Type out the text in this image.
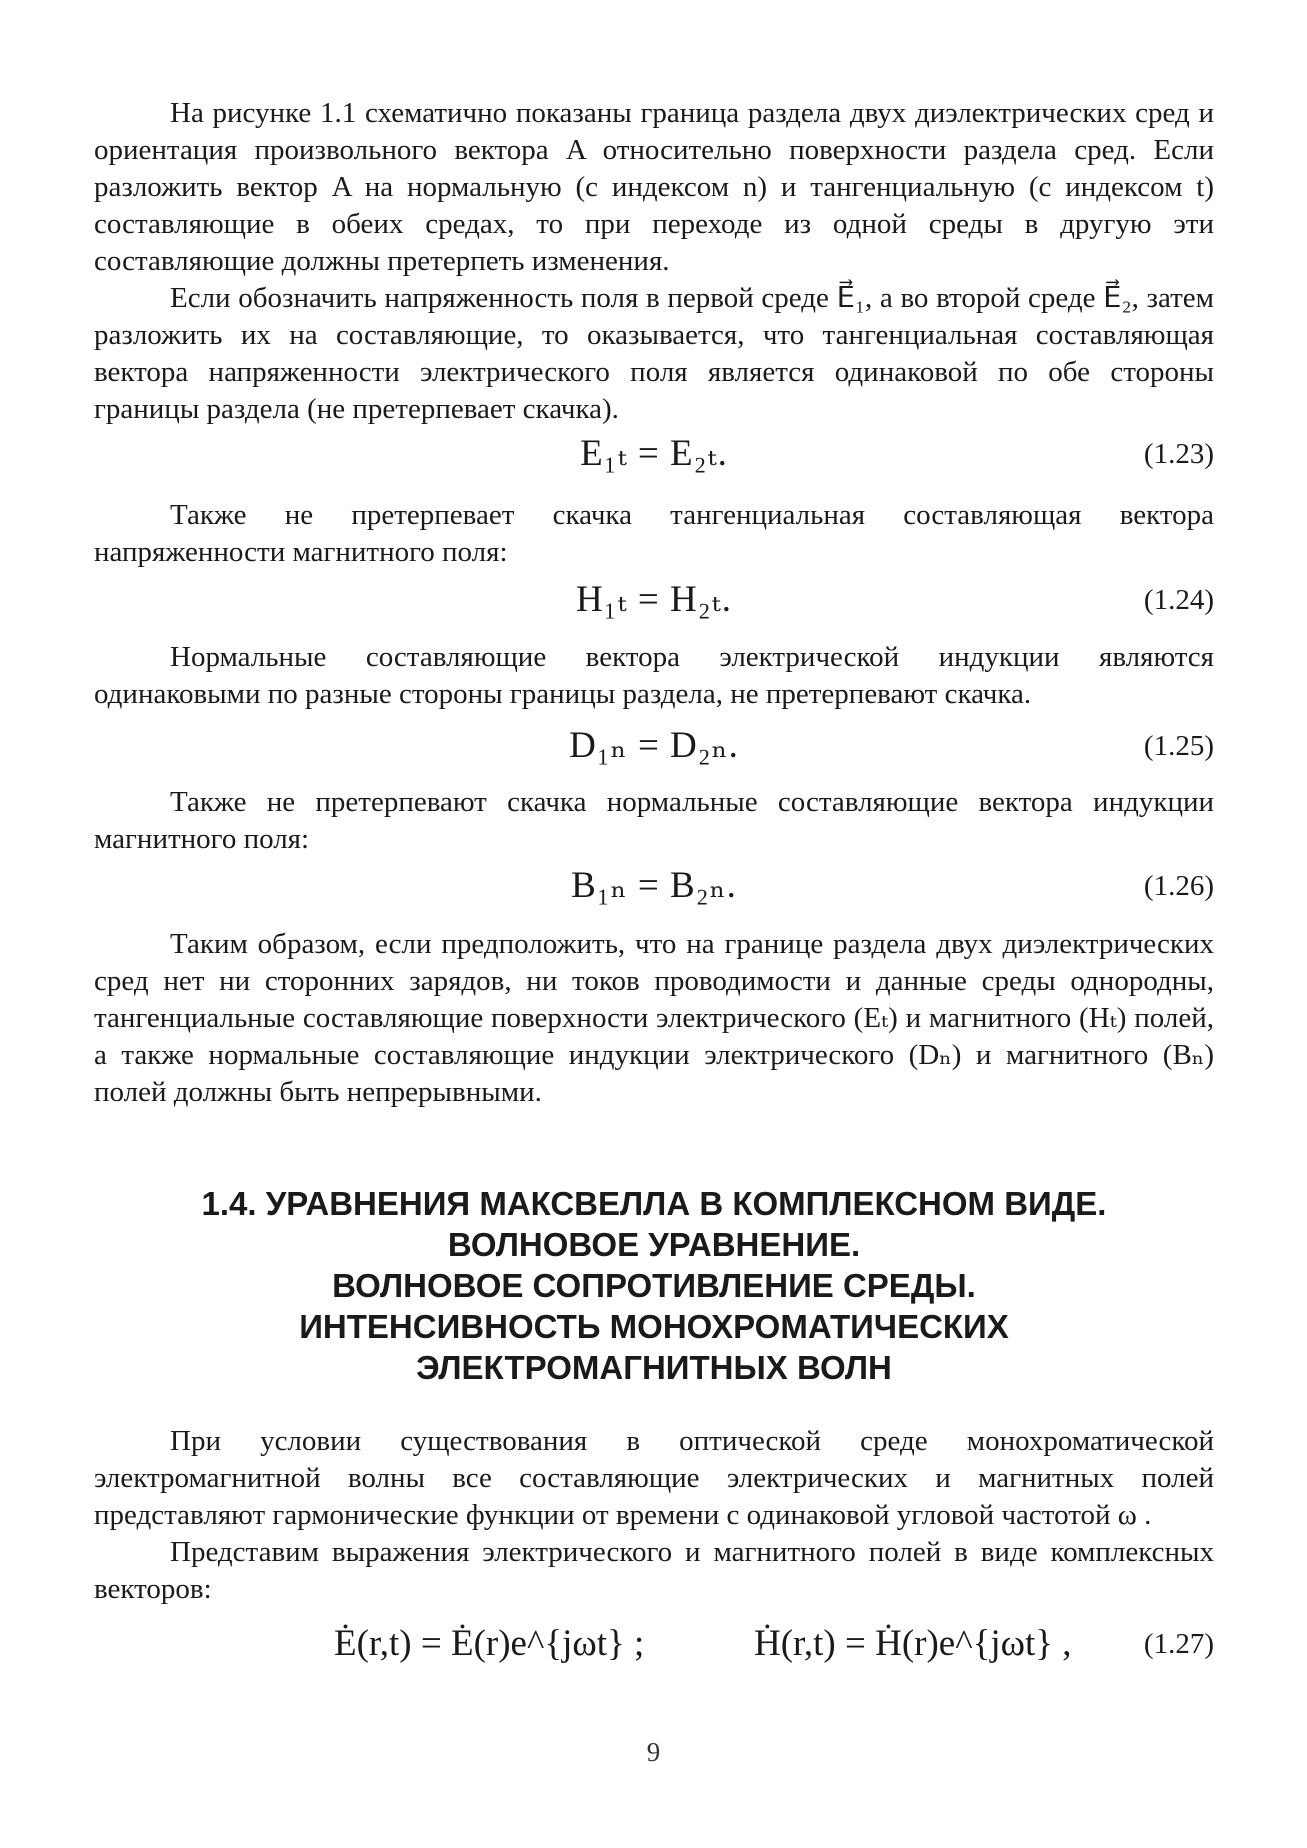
На рисунке 1.1 схематично показаны граница раздела двух диэлектрических сред и ориентация произвольного вектора A относительно поверхности раздела сред. Если разложить вектор A на нормальную (с индексом n) и тангенциальную (с индексом t) составляющие в обеих средах, то при переходе из одной среды в другую эти составляющие должны претерпеть изменения.

Если обозначить напряженность поля в первой среде E⃗₁, а во второй среде E⃗₂, затем разложить их на составляющие, то оказывается, что тангенциальная составляющая вектора напряженности электрического поля является одинаковой по обе стороны границы раздела (не претерпевает скачка).

E₁ₜ = E₂ₜ.	(1.23)

Также не претерпевает скачка тангенциальная составляющая вектора напряженности магнитного поля:

H₁ₜ = H₂ₜ.	(1.24)

Нормальные составляющие вектора электрической индукции являются одинаковыми по разные стороны границы раздела, не претерпевают скачка.

D₁ₙ = D₂ₙ.	(1.25)

Также не претерпевают скачка нормальные составляющие вектора индукции магнитного поля:

B₁ₙ = B₂ₙ.	(1.26)

Таким образом, если предположить, что на границе раздела двух диэлектрических сред нет ни сторонних зарядов, ни токов проводимости и данные среды однородны, тангенциальные составляющие поверхности электрического (Eₜ) и магнитного (Hₜ) полей, а также нормальные составляющие индукции электрического (Dₙ) и магнитного (Bₙ) полей должны быть непрерывными.

1.4. УРАВНЕНИЯ МАКСВЕЛЛА В КОМПЛЕКСНОМ ВИДЕ.
ВОЛНОВОЕ УРАВНЕНИЕ.
ВОЛНОВОЕ СОПРОТИВЛЕНИЕ СРЕДЫ.
ИНТЕНСИВНОСТЬ МОНОХРОМАТИЧЕСКИХ
ЭЛЕКТРОМАГНИТНЫХ ВОЛН

При условии существования в оптической среде монохроматической электромагнитной волны все составляющие электрических и магнитных полей представляют гармонические функции от времени с одинаковой угловой частотой ω .

Представим выражения электрического и магнитного полей в виде комплексных векторов:

Ė(r,t) = Ė(r)e^{jωt} ;	Ḣ(r,t) = Ḣ(r)e^{jωt} , (1.27)
9
